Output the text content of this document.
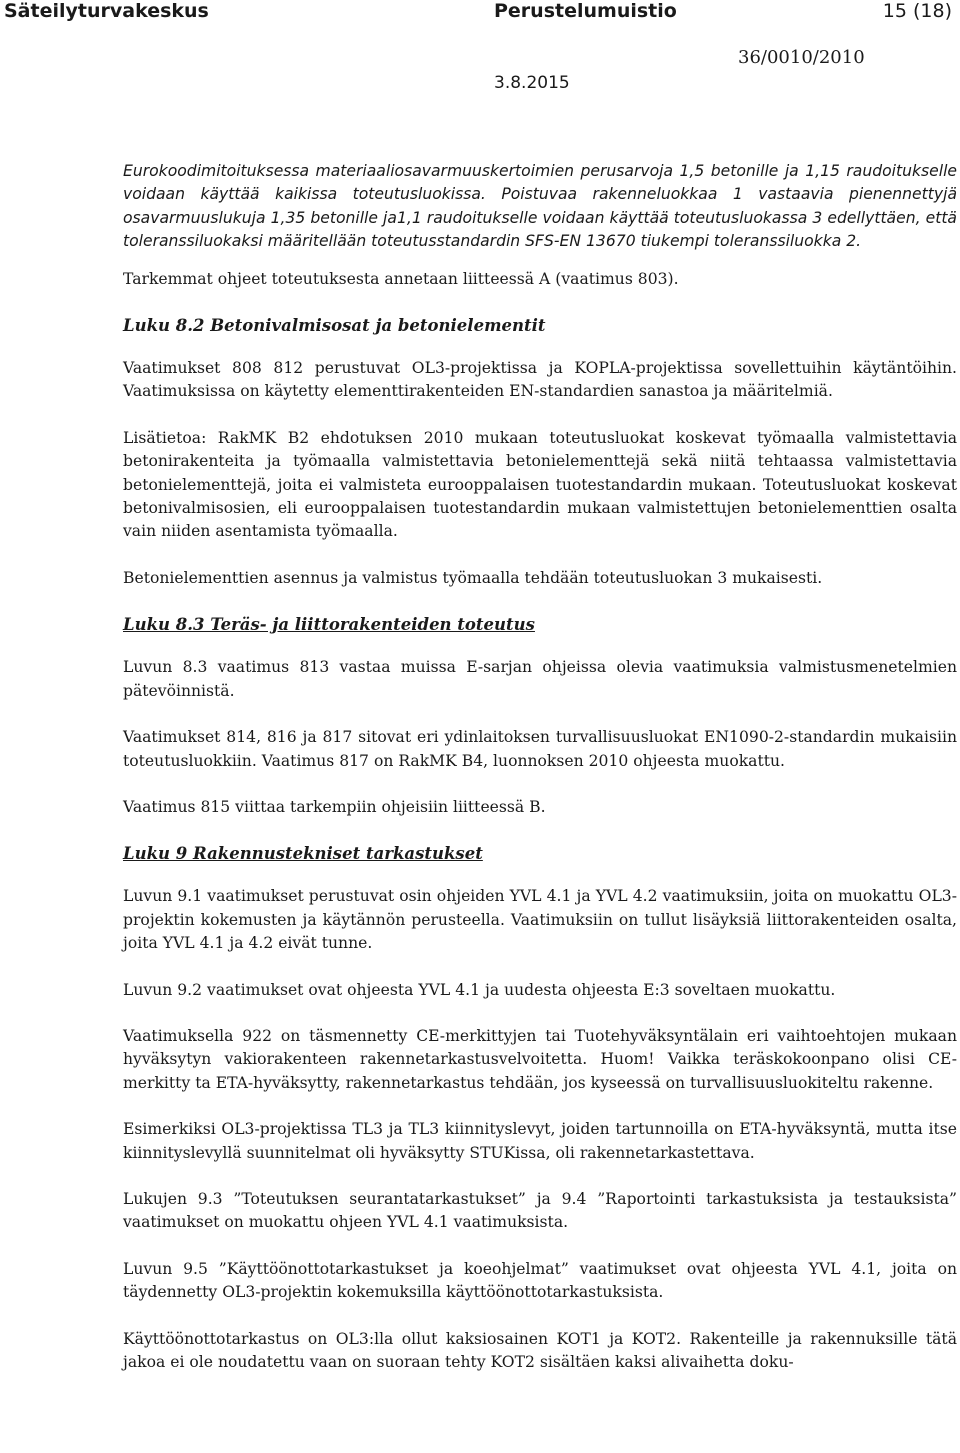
Säteilyturvakeskus	Perustelumuistio	15 (18)
36/0010/2010
3.8.2015

Eurokoodimitoituksessa materiaaliosavarmuuskertoimien perusarvoja 1,5 betonille ja 1,15 raudoitukselle voidaan käyttää kaikissa toteutusluokissa. Poistuvaa rakenneluokkaa 1 vastaavia pienennettyjä osavarmuuslukuja 1,35 betonille ja1,1 raudoitukselle voidaan käyttää toteutusluokassa 3 edellyttäen, että toleranssiluokaksi määritellään toteutusstandardin SFS-EN 13670 tiukempi toleranssiluokka 2.

Tarkemmat ohjeet toteutuksesta annetaan liitteessä A (vaatimus 803).

Luku 8.2 Betonivalmisosat ja betonielementit

Vaatimukset 808 812 perustuvat OL3-projektissa ja KOPLA-projektissa sovellettuihin käytäntöihin. Vaatimuksissa on käytetty elementtirakenteiden EN-standardien sanastoa ja määritelmiä.

Lisätietoa: RakMK B2 ehdotuksen 2010 mukaan toteutusluokat koskevat työmaalla valmistettavia betonirakenteita ja työmaalla valmistettavia betonielementtejä sekä niitä tehtaassa valmistettavia betonielementtejä, joita ei valmisteta eurooppalaisen tuotestandardin mukaan. Toteutusluokat koskevat betonivalmisosien, eli eurooppalaisen tuotestandardin mukaan valmistettujen betonielementtien osalta vain niiden asentamista työmaalla.

Betonielementtien asennus ja valmistus työmaalla tehdään toteutusluokan 3 mukaisesti.

Luku 8.3 Teräs- ja liittorakenteiden toteutus

Luvun 8.3 vaatimus 813 vastaa muissa E-sarjan ohjeissa olevia vaatimuksia valmistusmenetelmien pätevöinnistä.

Vaatimukset 814, 816 ja 817 sitovat eri ydinlaitoksen turvallisuusluokat EN1090-2-standardin mukaisiin toteutusluokkiin. Vaatimus 817 on RakMK B4, luonnoksen 2010 ohjeesta muokattu.

Vaatimus 815 viittaa tarkempiin ohjeisiin liitteessä B.

Luku 9 Rakennustekniset tarkastukset

Luvun 9.1 vaatimukset perustuvat osin ohjeiden YVL 4.1 ja YVL 4.2 vaatimuksiin, joita on muokattu OL3-projektin kokemusten ja käytännön perusteella. Vaatimuksiin on tullut lisäyksiä liittorakenteiden osalta, joita YVL 4.1 ja 4.2 eivät tunne.

Luvun 9.2 vaatimukset ovat ohjeesta YVL 4.1 ja uudesta ohjeesta E:3 soveltaen muokattu.

Vaatimuksella 922 on täsmennetty CE-merkittyjen tai Tuotehyväksyntälain eri vaihtoehtojen mukaan hyväksytyn vakiorakenteen rakennetarkastusvelvoitetta. Huom! Vaikka teräskokoonpano olisi CE-merkitty ta ETA-hyväksytty, rakennetarkastus tehdään, jos kyseessä on turvallisuusluokiteltu rakenne.

Esimerkiksi OL3-projektissa TL3 ja TL3 kiinnityslevyt, joiden tartunnoilla on ETA-hyväksyntä, mutta itse kiinnityslevyllä suunnitelmat oli hyväksytty STUKissa, oli rakennetarkastettava.

Lukujen 9.3 ”Toteutuksen seurantatarkastukset” ja 9.4 ”Raportointi tarkastuksista ja testauksista” vaatimukset on muokattu ohjeen YVL 4.1 vaatimuksista.

Luvun 9.5 ”Käyttöönottotarkastukset ja koeohjelmat” vaatimukset ovat ohjeesta YVL 4.1, joita on täydennetty OL3-projektin kokemuksilla käyttöönottotarkastuksista.

Käyttöönottotarkastus on OL3:lla ollut kaksiosainen KOT1 ja KOT2. Rakenteille ja rakennuksille tätä jakoa ei ole noudatettu vaan on suoraan tehty KOT2 sisältäen kaksi alivaihetta doku-
